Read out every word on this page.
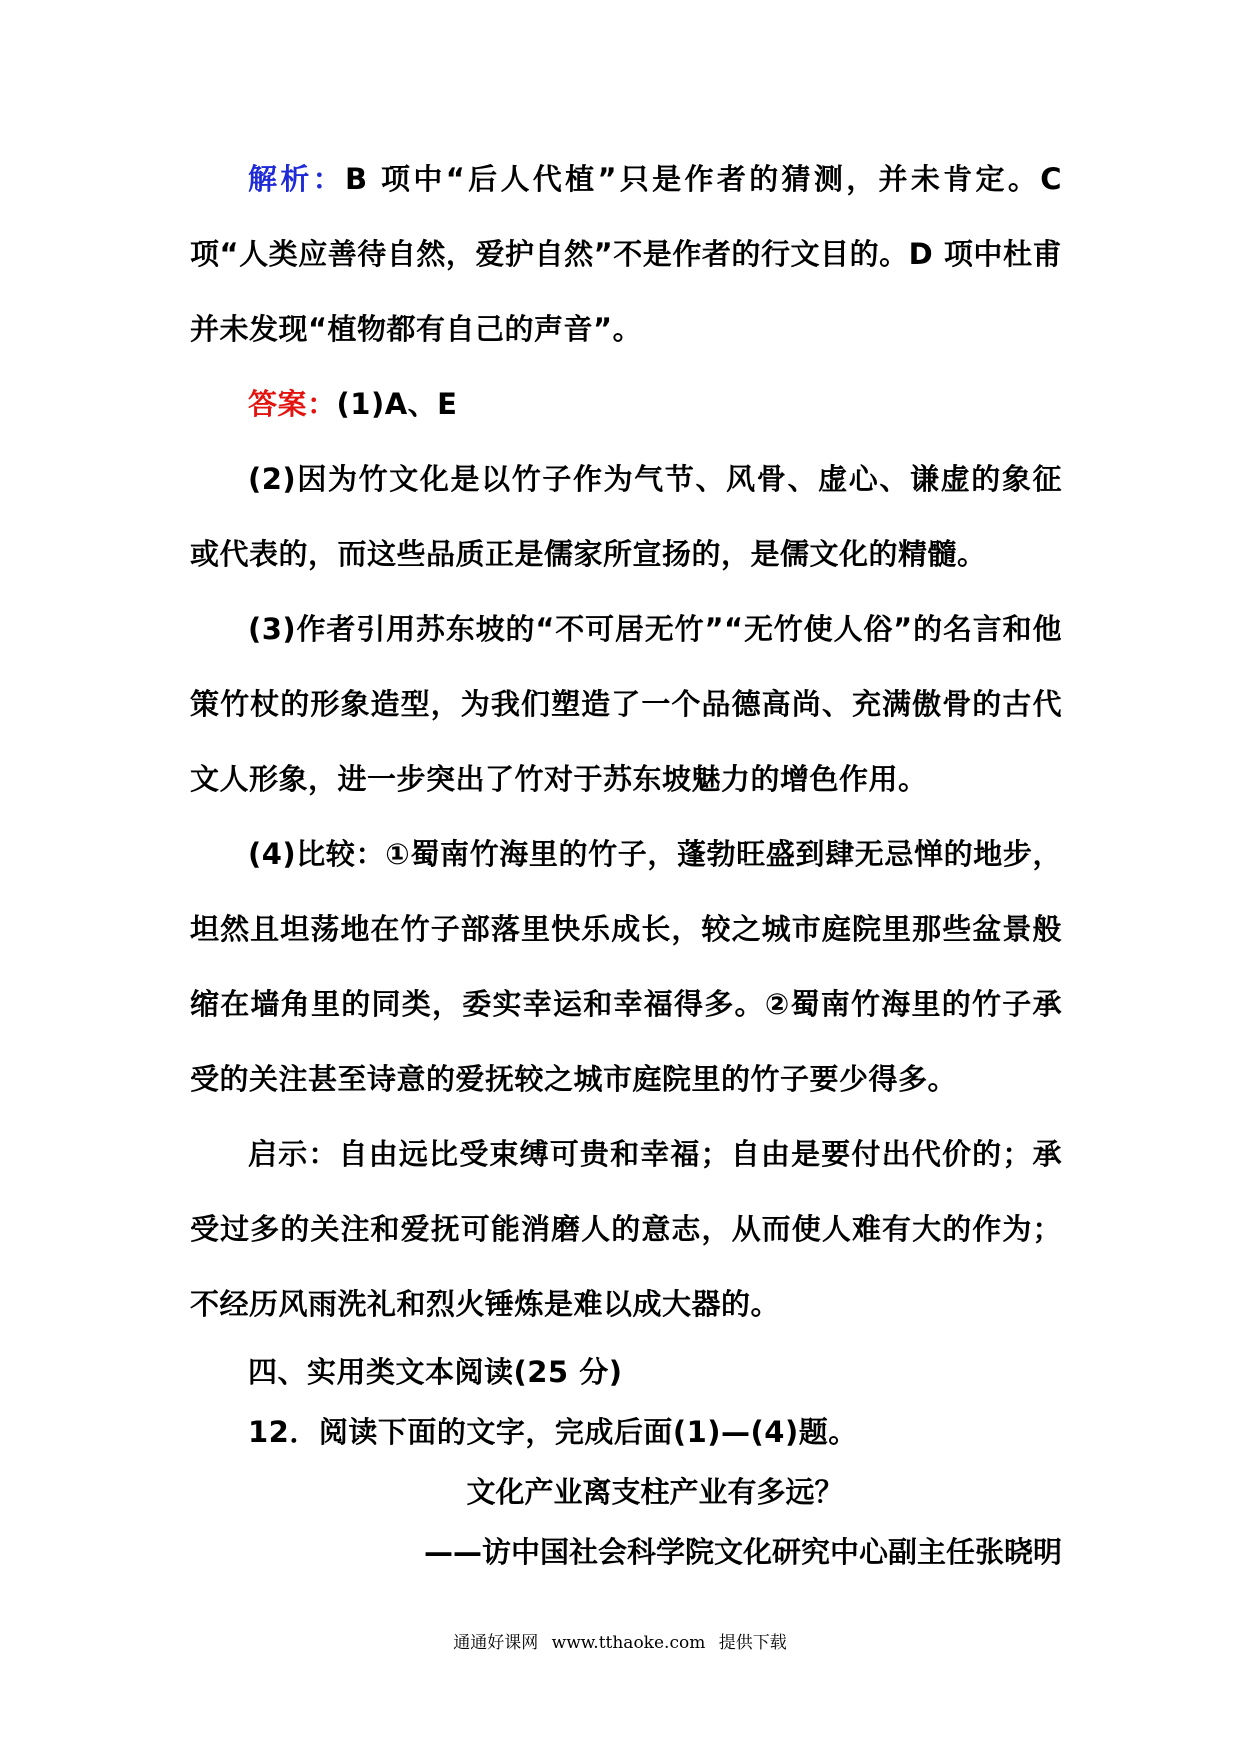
解析：B 项中“后人代植”只是作者的猜测，并未肯定。C 项“人类应善待自然，爱护自然”不是作者的行文目的。D 项中杜甫并未发现“植物都有自己的声音”。

答案：(1)A、E

(2)因为竹文化是以竹子作为气节、风骨、虚心、谦虚的象征或代表的，而这些品质正是儒家所宣扬的，是儒文化的精髓。

(3)作者引用苏东坡的“不可居无竹”“无竹使人俗”的名言和他策竹杖的形象造型，为我们塑造了一个品德高尚、充满傲骨的古代文人形象，进一步突出了竹对于苏东坡魅力的增色作用。

(4)比较：①蜀南竹海里的竹子，蓬勃旺盛到肆无忌惮的地步，坦然且坦荡地在竹子部落里快乐成长，较之城市庭院里那些盆景般缩在墙角里的同类，委实幸运和幸福得多。②蜀南竹海里的竹子承受的关注甚至诗意的爱抚较之城市庭院里的竹子要少得多。

启示：自由远比受束缚可贵和幸福；自由是要付出代价的；承受过多的关注和爱抚可能消磨人的意志，从而使人难有大的作为；不经历风雨洗礼和烈火锤炼是难以成大器的。

四、实用类文本阅读(25 分)

12．阅读下面的文字，完成后面(1)—(4)题。

文化产业离支柱产业有多远？

——访中国社会科学院文化研究中心副主任张晓明

通通好课网 www.tthaoke.com 提供下载
